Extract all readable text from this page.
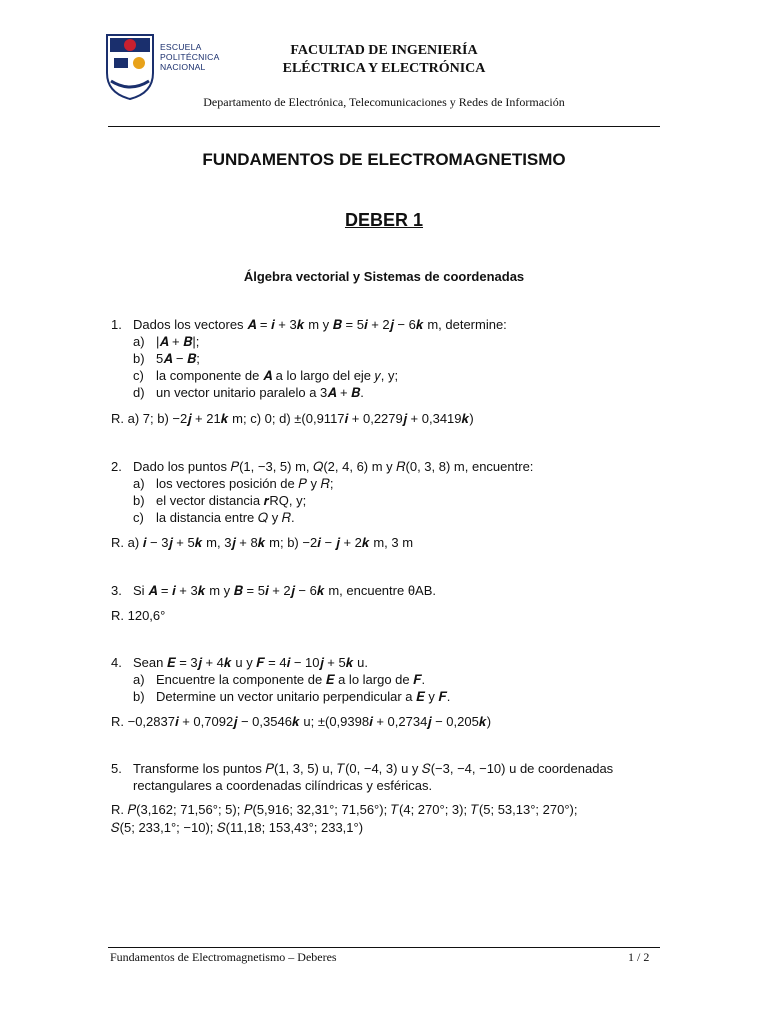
ESCUELA
POLITÉCNICA
NACIONAL
FACULTAD DE INGENIERÍA
ELÉCTRICA Y ELECTRÓNICA
Departamento de Electrónica, Telecomunicaciones y Redes de Información
FUNDAMENTOS DE ELECTROMAGNETISMO
DEBER 1
Álgebra vectorial y Sistemas de coordenadas
1. Dados los vectores 𝑨 = 𝒊 + 3𝒌 m y 𝑩 = 5𝒊 + 2𝒋 − 6𝒌 m, determine:
a) |𝑨 + 𝑩|;
b) 5𝑨 − 𝑩;
c) la componente de 𝑨 a lo largo del eje 𝑦, y;
d) un vector unitario paralelo a 3𝑨 + 𝑩.
R. a) 7; b) −2𝒋 + 21𝒌 m; c) 0; d) ±(0,9117𝒊 + 0,2279𝒋 + 0,3419𝒌)
2. Dado los puntos 𝑃(1, −3, 5) m, 𝑄(2, 4, 6) m y 𝑅(0, 3, 8) m, encuentre:
a) los vectores posición de 𝑃 y 𝑅;
b) el vector distancia 𝒓RQ, y;
c) la distancia entre 𝑄 y 𝑅.
R. a) 𝒊 − 3𝒋 + 5𝒌 m, 3𝒋 + 8𝒌 m; b) −2𝒊 − 𝒋 + 2𝒌 m, 3 m
3. Si 𝑨 = 𝒊 + 3𝒌 m y 𝑩 = 5𝒊 + 2𝒋 − 6𝒌 m, encuentre θAB.
R. 120,6°
4. Sean 𝑬 = 3𝒋 + 4𝒌 u y 𝑭 = 4𝒊 − 10𝒋 + 5𝒌 u.
a) Encuentre la componente de 𝑬 a lo largo de 𝑭.
b) Determine un vector unitario perpendicular a 𝑬 y 𝑭.
R. −0,2837𝒊 + 0,7092𝒋 − 0,3546𝒌 u; ±(0,9398𝒊 + 0,2734𝒋 − 0,205𝒌)
5. Transforme los puntos 𝑃(1, 3, 5) u, 𝑇(0, −4, 3) u y 𝑆(−3, −4, −10) u de coordenadas
rectangulares a coordenadas cilíndricas y esféricas.
R. 𝑃(3,162; 71,56°; 5); 𝑃(5,916; 32,31°; 71,56°); 𝑇(4; 270°; 3); 𝑇(5; 53,13°; 270°);
𝑆(5; 233,1°; −10); 𝑆(11,18; 153,43°; 233,1°)
Fundamentos de Electromagnetismo – Deberes	1 / 2
